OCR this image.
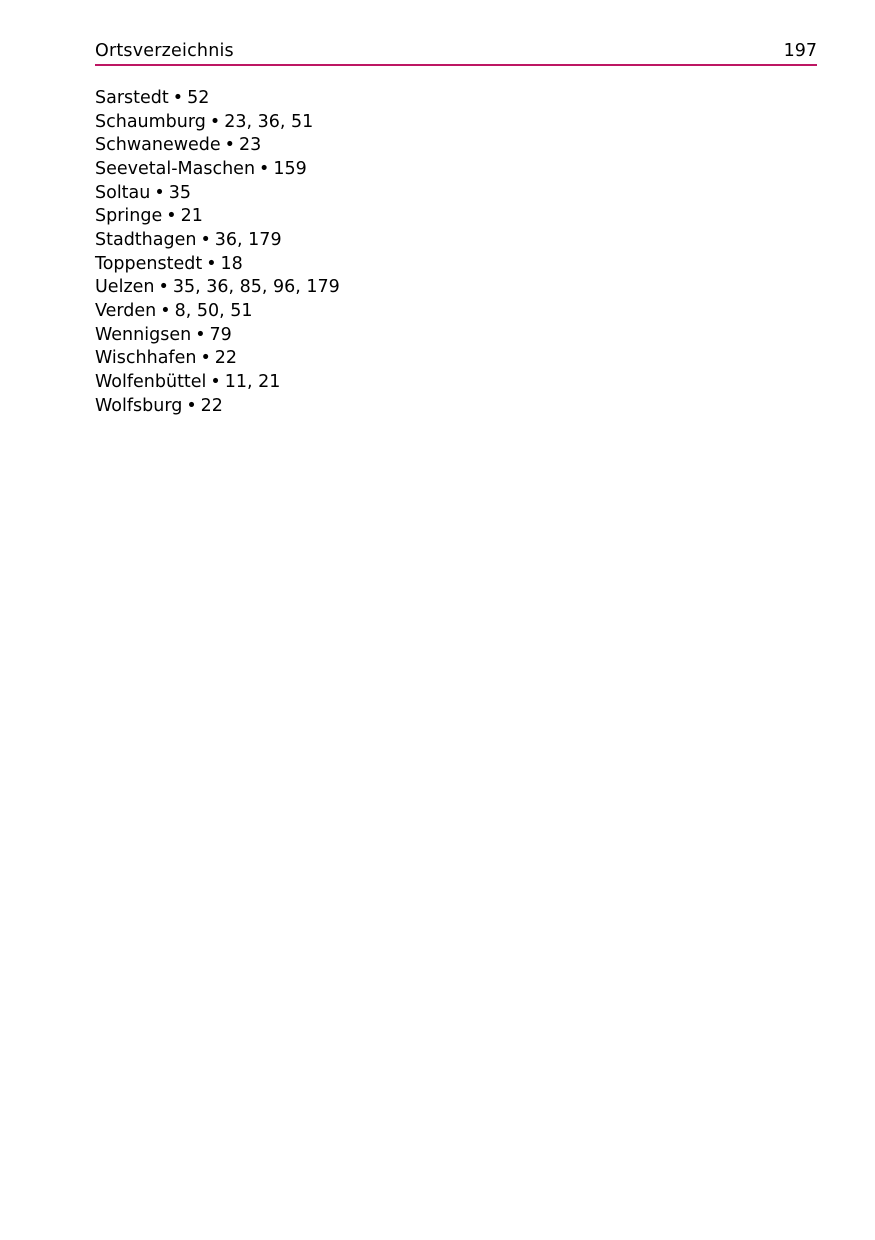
Ortsverzeichnis	197
Sarstedt • 52
Schaumburg • 23, 36, 51
Schwanewede • 23
Seevetal-Maschen • 159
Soltau • 35
Springe • 21
Stadthagen • 36, 179
Toppenstedt • 18
Uelzen • 35, 36, 85, 96, 179
Verden • 8, 50, 51
Wennigsen • 79
Wischhafen • 22
Wolfenbüttel • 11, 21
Wolfsburg • 22
